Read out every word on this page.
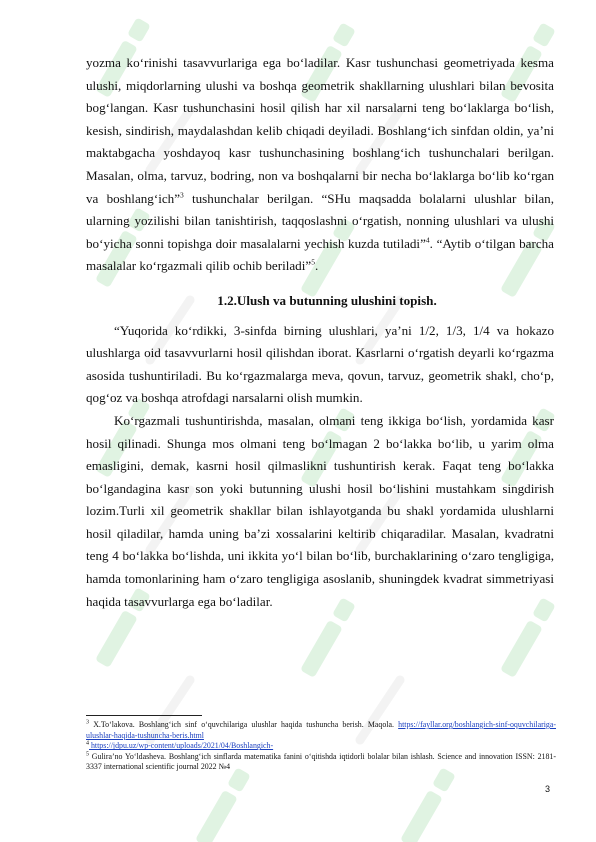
yozma ko‘rinishi tasavvurlariga ega bo‘ladilar. Kasr tushunchasi geometriyada kesma ulushi, miqdorlarning ulushi va boshqa geometrik shakllarning ulushlari bilan bevosita bog‘langan. Kasr tushunchasini hosil qilish har xil narsalarni teng bo‘laklarga bo‘lish, kesish, sindirish, maydalashdan kelib chiqadi deyiladi. Boshlang‘ich sinfdan oldin, ya’ni maktabgacha yoshdayoq kasr tushunchasining boshlang‘ich tushunchalari berilgan. Masalan, olma, tarvuz, bodring, non va boshqalarni bir necha bo‘laklarga bo‘lib ko‘rgan va boshlang‘ich”$^3$ tushunchalar berilgan. “SHu maqsadda bolalarni ulushlar bilan, ularning yozilishi bilan tanishtirish, taqqoslashni o‘rgatish, nonning ulushlari va ulushi bo‘yicha sonni topishga doir masalalarni yechish kuzda tutiladi”$^4$. “Aytib o‘tilgan barcha masalalar ko‘rgazmali qilib ochib beriladi”$^5$.

1.2.Ulush va butunning ulushini topish.

“Yuqorida ko‘rdikki, 3-sinfda birning ulushlari, ya’ni 1/2, 1/3, 1/4 va hokazo ulushlarga oid tasavvurlarni hosil qilishdan iborat. Kasrlarni o‘rgatish deyarli ko‘rgazma asosida tushuntiriladi. Bu ko‘rgazmalarga meva, qovun, tarvuz, geometrik shakl, cho‘p, qog‘oz va boshqa atrofdagi narsalarni olish mumkin.

Ko‘rgazmali tushuntirishda, masalan, olmani teng ikkiga bo‘lish, yordamida kasr hosil qilinadi. Shunga mos olmani teng bo‘lmagan 2 bo‘lakka bo‘lib, u yarim olma emasligini, demak, kasrni hosil qilmaslikni tushuntirish kerak. Faqat teng bo‘lakka bo‘lgandagina kasr son yoki butunning ulushi hosil bo‘lishini mustahkam singdirish lozim.Turli xil geometrik shakllar bilan ishlayotganda bu shakl yordamida ulushlarni hosil qiladilar, hamda uning ba’zi xossalarini keltirib chiqaradilar. Masalan, kvadratni teng 4 bo‘lakka bo‘lishda, uni ikkita yo‘l bilan bo‘lib, burchaklarining o‘zaro tengligiga, hamda tomonlarining ham o‘zaro tengligiga asoslanib, shuningdek kvadrat simmetriyasi haqida tasavvurlarga ega bo‘ladilar.

$^3$ X.To‘lakova. Boshlang‘ich sinf o‘quvchilariga ulushlar haqida tushuncha berish. Maqola. https://fayllar.org/boshlangich-sinf-oquvchilariga-ulushlar-haqida-tushuncha-beris.html

$^4$ https://jdpu.uz/wp-content/uploads/2021/04/Boshlangich-

$^5$ Gulira’no Yo‘ldasheva. Boshlang‘ich sinflarda matematika fanini o‘qitishda iqtidorli bolalar bilan ishlash. Science and innovation ISSN: 2181-3337 international scientific journal 2022 №4

3
